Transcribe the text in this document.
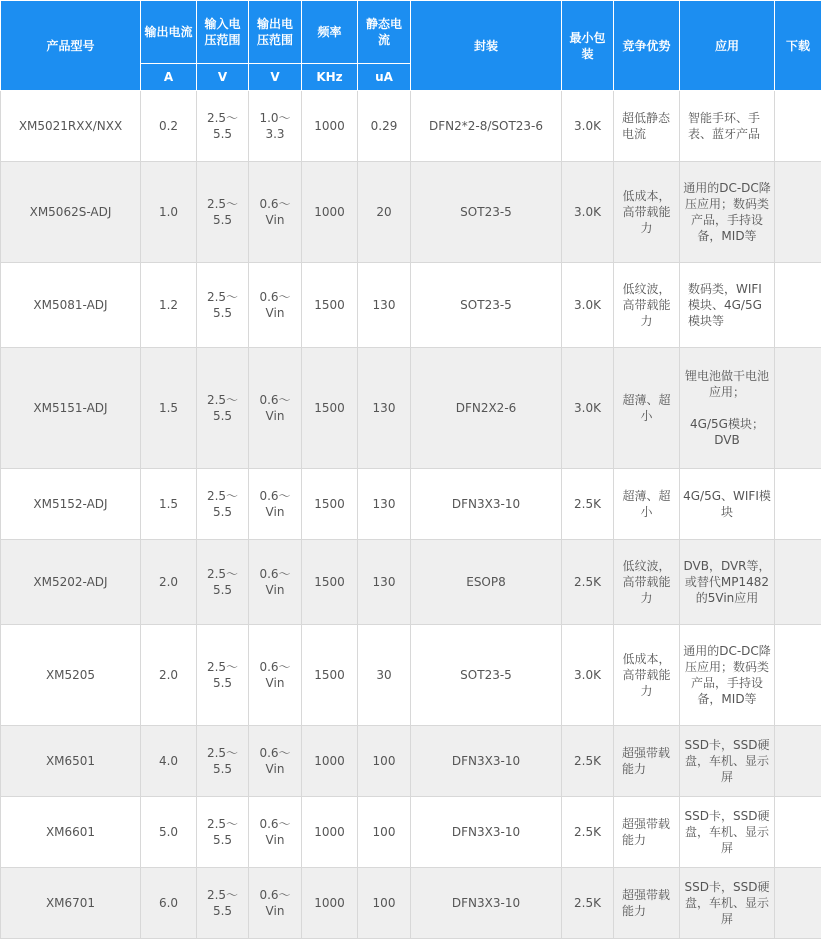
产品型号	输出电流	输入电压范围	输出电压范围	频率	静态电流	封装	最小包装	竞争优势	应用	下载
	A	V	V	KHz	uA					
XM5021RXX/NXX	0.2	2.5～5.5	1.0～3.3	1000	0.29	DFN2*2-8/SOT23-6	3.0K	超低静态电流	智能手环、手表、蓝牙产品	
XM5062S-ADJ	1.0	2.5～5.5	0.6～Vin	1000	20	SOT23-5	3.0K	低成本，高带载能力	通用的DC-DC降压应用；数码类产品，手持设备，MID等	
XM5081-ADJ	1.2	2.5～5.5	0.6～Vin	1500	130	SOT23-5	3.0K	低纹波，高带载能力	数码类，WIFI模块、4G/5G模块等	
XM5151-ADJ	1.5	2.5～5.5	0.6～Vin	1500	130	DFN2X2-6	3.0K	超薄、超小	锂电池做干电池应用；
4G/5G模块；DVB	

XM5152-ADJ	1.5	2.5～5.5	0.6～Vin	1500	130	DFN3X3-10	2.5K	超薄、超小	4G/5G、WIFI模块	
XM5202-ADJ	2.0	2.5～5.5	0.6～Vin	1500	130	ESOP8	2.5K	低纹波，高带载能力	DVB，DVR等，或替代MP1482的5Vin应用	
XM5205	2.0	2.5～5.5	0.6～Vin	1500	30	SOT23-5	3.0K	低成本，高带载能力	通用的DC-DC降压应用；数码类产品，手持设备，MID等	
XM6501	4.0	2.5～5.5	0.6～Vin	1000	100	DFN3X3-10	2.5K	超强带载能力	SSD卡，SSD硬盘，车机、显示屏	
XM6601	5.0	2.5～5.5	0.6～Vin	1000	100	DFN3X3-10	2.5K	超强带载能力	SSD卡，SSD硬盘，车机、显示屏	
XM6701	6.0	2.5～5.5	0.6～Vin	1000	100	DFN3X3-10	2.5K	超强带载能力	SSD卡，SSD硬盘，车机、显示屏	
